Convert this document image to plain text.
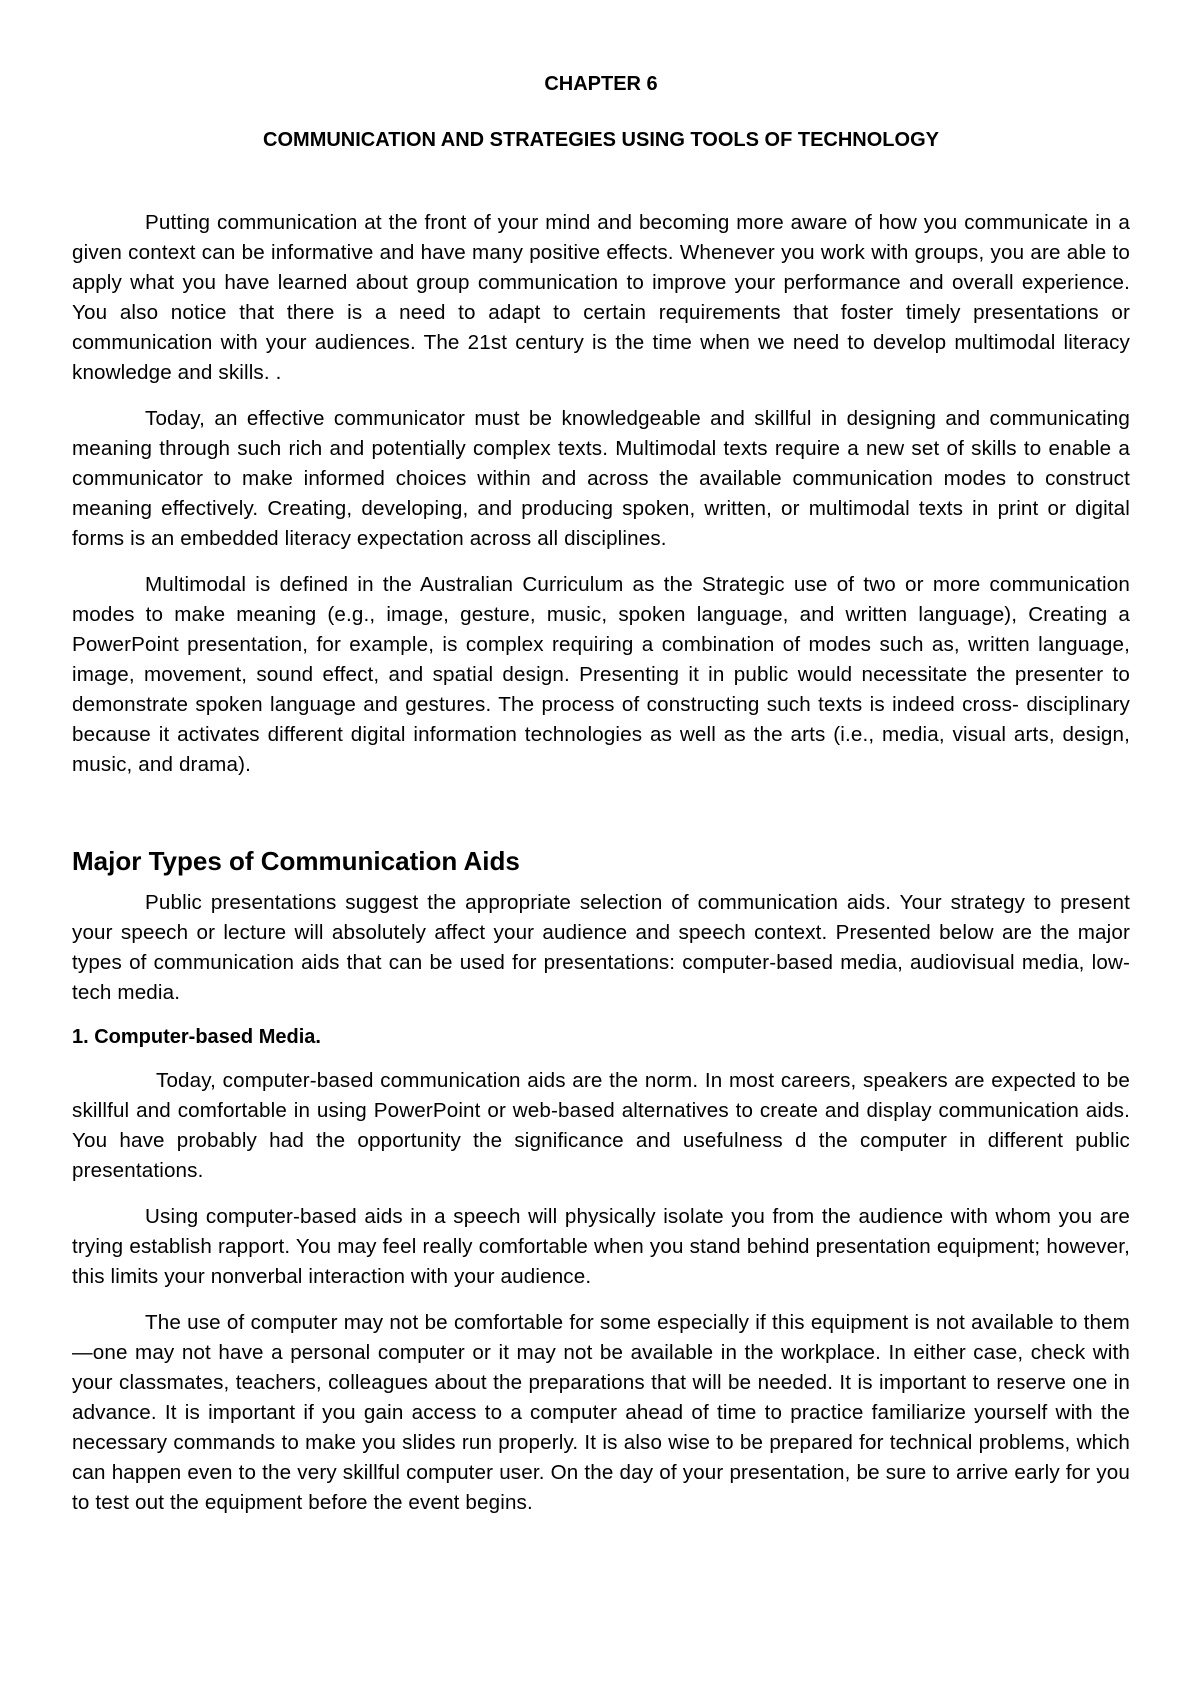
CHAPTER 6
COMMUNICATION AND STRATEGIES USING TOOLS OF TECHNOLOGY

Putting communication at the front of your mind and becoming more aware of how you communicate in a given context can be informative and have many positive effects. Whenever you work with groups, you are able to apply what you have learned about group communication to improve your performance and overall experience. You also notice that there is a need to adapt to certain requirements that foster timely presentations or communication with your audiences. The 21st century is the time when we need to develop multimodal literacy knowledge and skills. .

Today, an effective communicator must be knowledgeable and skillful in designing and communicating meaning through such rich and potentially complex texts. Multimodal texts require a new set of skills to enable a communicator to make informed choices within and across the available communication modes to construct meaning effectively. Creating, developing, and producing spoken, written, or multimodal texts in print or digital forms is an embedded literacy expectation across all disciplines.

Multimodal is defined in the Australian Curriculum as the Strategic use of two or more communication modes to make meaning (e.g., image, gesture, music, spoken language, and written language), Creating a PowerPoint presentation, for example, is complex requiring a combination of modes such as, written language, image, movement, sound effect, and spatial design. Presenting it in public would necessitate the presenter to demonstrate spoken language and gestures. The process of constructing such texts is indeed cross- disciplinary because it activates different digital information technologies as well as the arts (i.e., media, visual arts, design, music, and drama).

Major Types of Communication Aids

Public presentations suggest the appropriate selection of communication aids. Your strategy to present your speech or lecture will absolutely affect your audience and speech context. Presented below are the major types of communication aids that can be used for presentations: computer-based media, audiovisual media, low-tech media.

1. Computer-based Media.

Today, computer-based communication aids are the norm. In most careers, speakers are expected to be skillful and comfortable in using PowerPoint or web-based alternatives to create and display communication aids. You have probably had the opportunity the significance and usefulness d the computer in different public presentations.

Using computer-based aids in a speech will physically isolate you from the audience with whom you are trying establish rapport. You may feel really comfortable when you stand behind presentation equipment; however, this limits your nonverbal interaction with your audience.

The use of computer may not be comfortable for some especially if this equipment is not available to them—one may not have a personal computer or it may not be available in the workplace. In either case, check with your classmates, teachers, colleagues about the preparations that will be needed. It is important to reserve one in advance. It is important if you gain access to a computer ahead of time to practice familiarize yourself with the necessary commands to make you slides run properly. It is also wise to be prepared for technical problems, which can happen even to the very skillful computer user. On the day of your presentation, be sure to arrive early for you to test out the equipment before the event begins.
